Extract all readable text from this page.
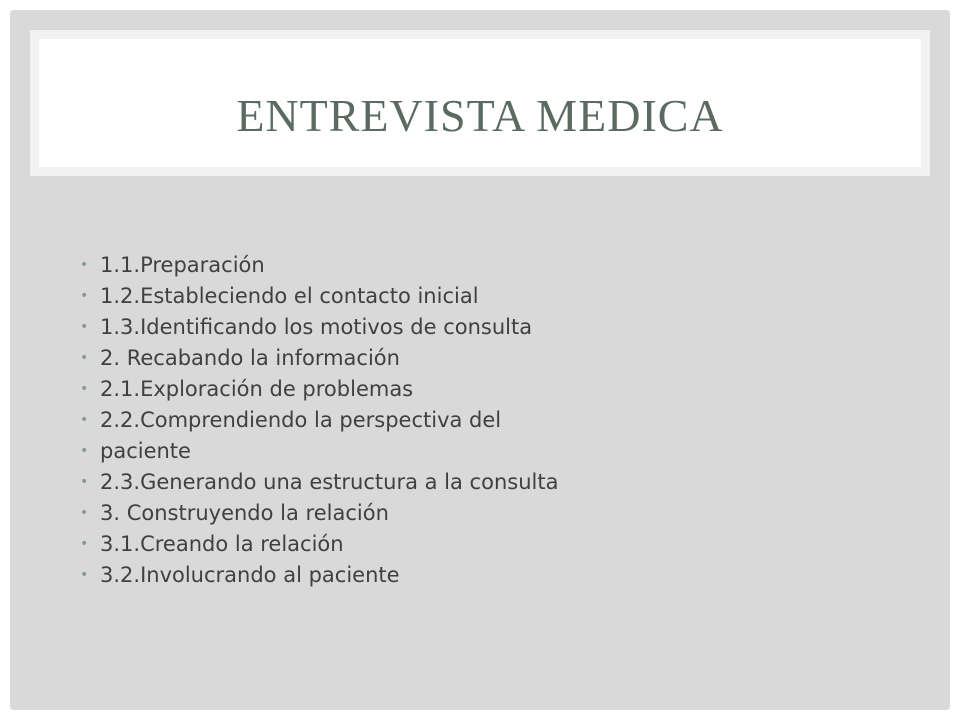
ENTREVISTA MEDICA
• 1.1.Preparación
• 1.2.Estableciendo el contacto inicial
• 1.3.Identificando los motivos de consulta
• 2. Recabando la información
• 2.1.Exploración de problemas
• 2.2.Comprendiendo la perspectiva del
• paciente
• 2.3.Generando una estructura a la consulta
• 3. Construyendo la relación
• 3.1.Creando la relación
• 3.2.Involucrando al paciente
